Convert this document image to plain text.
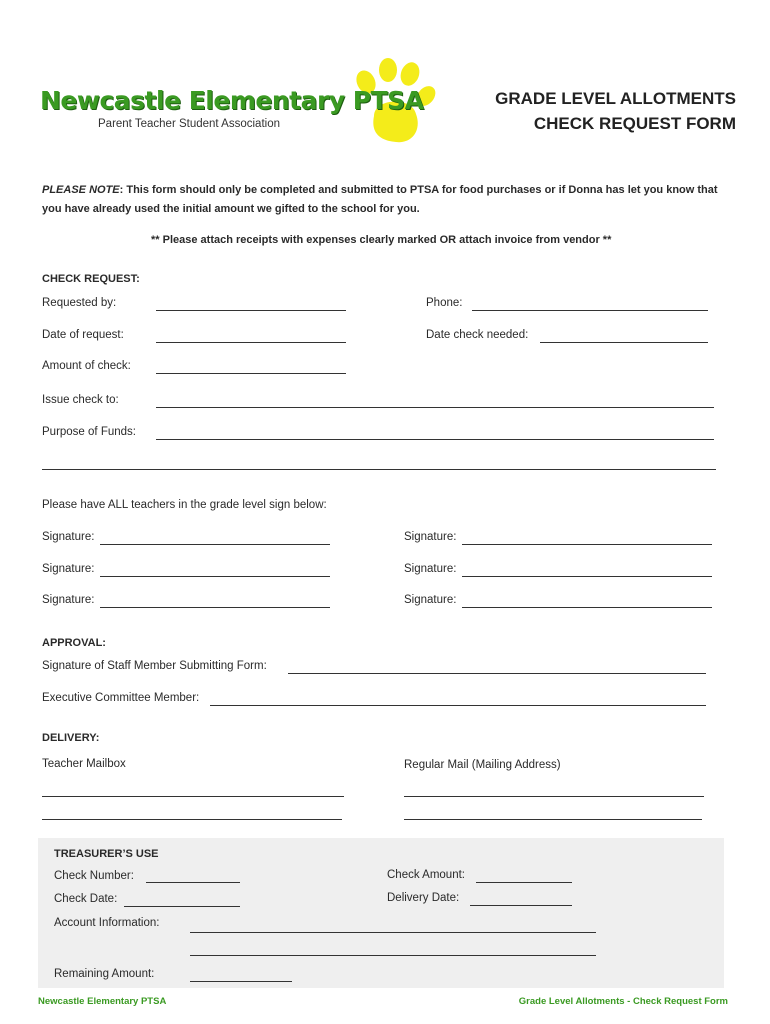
Newcastle Elementary PTSA
Parent Teacher Student Association
GRADE LEVEL ALLOTMENTS
CHECK REQUEST FORM
PLEASE NOTE: This form should only be completed and submitted to PTSA for food purchases or if Donna has let you know that
you have already used the initial amount we gifted to the school for you.
** Please attach receipts with expenses clearly marked OR attach invoice from vendor **
CHECK REQUEST:
Requested by:	Phone:
Date of request:	Date check needed:
Amount of check:
Issue check to:
Purpose of Funds:
Please have ALL teachers in the grade level sign below:
Signature:	Signature:
Signature:	Signature:
Signature:	Signature:
APPROVAL:
Signature of Staff Member Submitting Form:
Executive Committee Member:
DELIVERY:
Teacher Mailbox	Regular Mail (Mailing Address)
TREASURER’S USE
Check Number:	Check Amount:
Check Date:	Delivery Date:
Account Information:
Remaining Amount:
Newcastle Elementary PTSA	Grade Level Allotments - Check Request Form
